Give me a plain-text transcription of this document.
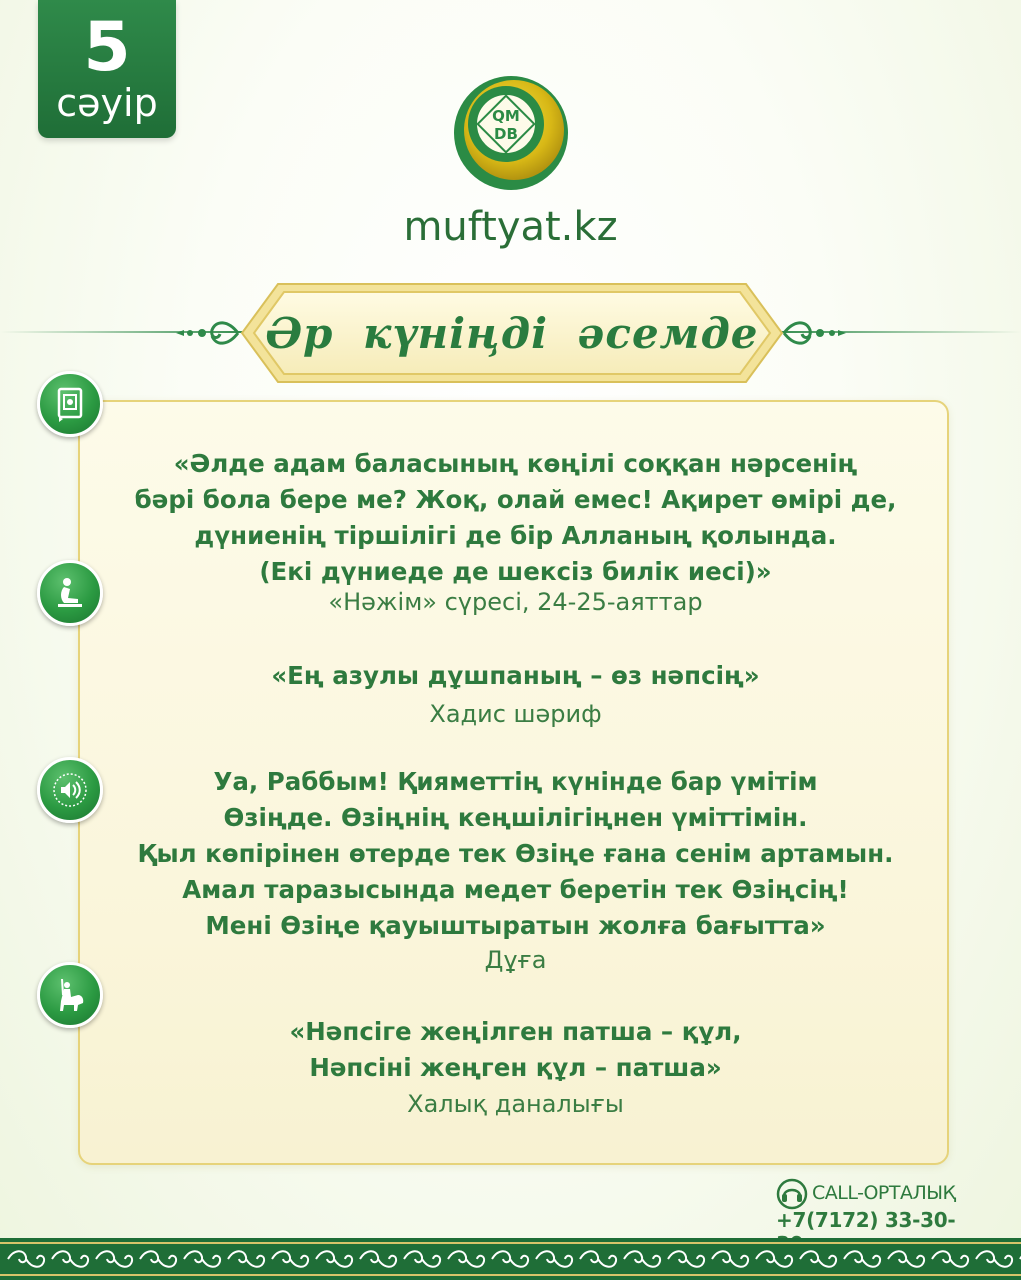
5
сәуір	QM
DB
muftyat.kz
Әр күніңді әсемде
«Әлде адам баласының көңілі соққан нәрсенің
бәрі бола бере ме? Жоқ, олай емес! Ақирет өмірі де,
дүниенің тіршілігі де бір Алланың қолында.
(Екі дүниеде де шексіз билік иесі)»
«Нәжім» сүресі, 24-25-аяттар
«Ең азулы дұшпаның – өз нәпсің»
Хадис шәриф
Уа, Раббым! Қияметтің күнінде бар үмітім
Өзіңде. Өзіңнің кеңшілігіңнен үміттімін.
Қыл көпірінен өтерде тек Өзіңе ғана сенім артамын.
Амал таразысында медет беретін тек Өзіңсің!
Мені Өзіңе қауыштыратын жолға бағытта»
Дұға
«Нәпсіге жеңілген патша – құл,
Нәпсіні жеңген құл – патша»
Халық даналығы
CALL-ОРТАЛЫҚ
+7(7172) 33-30-
